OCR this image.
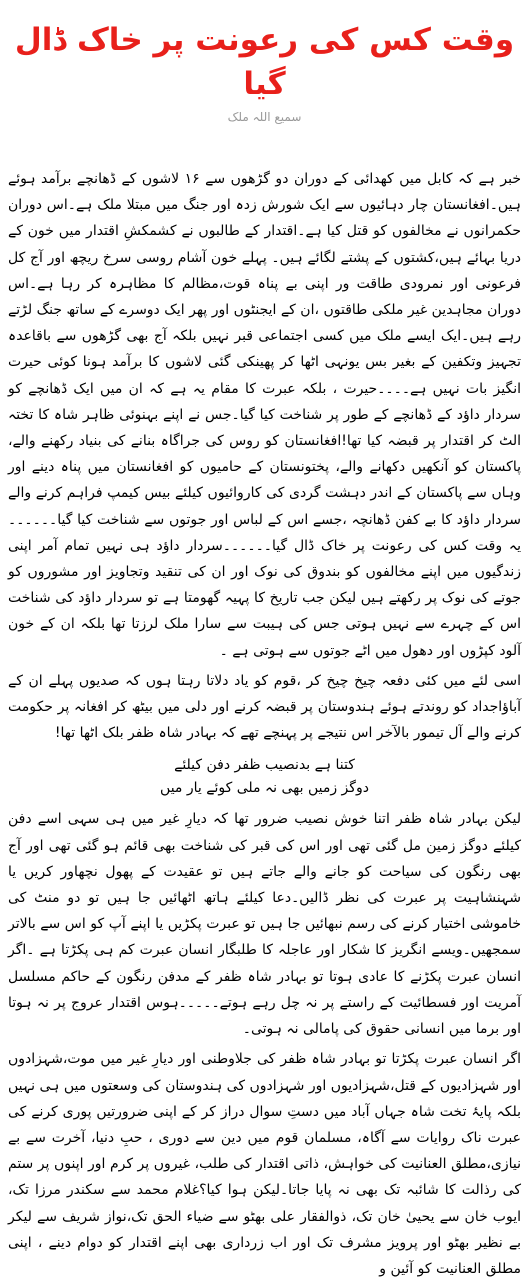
وقت کس کی رعونت پر خاک ڈال گیا
سمیع اللہ ملک

خبر ہے کہ کابل میں کھدائی کے دوران دو گڑھوں سے ۱۶ لاشوں کے ڈھانچے برآمد ہوئے ہیں۔افغانستان چار دہائیوں سے ایک شورش زدہ اور جنگ میں مبتلا ملک ہے۔اس دوران حکمرانوں نے مخالفوں کو قتل کیا ہے۔اقتدار کے طالبوں نے کشمکشِ اقتدار میں خون کے دریا بہائے ہیں،کشتوں کے پشتے لگائے ہیں۔ پہلے خون آشام روسی سرخ ریچھ اور آج کل فرعونی اور نمرودی طاقت ور اپنی بے پناہ قوت،مظالم کا مظاہرہ کر رہا ہے۔اس دوران مجاہدین غیر ملکی طاقتوں ،ان کے ایجنٹوں اور پھر ایک دوسرے کے ساتھ جنگ لڑتے رہے ہیں۔ایک ایسے ملک میں کسی اجتماعی قبر نہیں بلکہ آج بھی گڑھوں سے باقاعدہ تجہیز وتکفین کے بغیر بس یونہی اٹھا کر پھینکی گئی لاشوں کا برآمد ہونا کوئی حیرت انگیز بات نہیں ہے۔۔۔۔حیرت ، بلکہ عبرت کا مقام یہ ہے کہ ان میں ایک ڈھانچے کو سردار داؤد کے ڈھانچے کے طور پر شناخت کیا گیا۔جس نے اپنے بہنوئی ظاہر شاہ کا تختہ الٹ کر اقتدار پر قبضہ کیا تھا!افغانستان کو روس کی جراگاہ بنانے کی بنیاد رکھنے والے، پاکستان کو آنکھیں دکھانے والے، پختونستان کے حامیوں کو افغانستان میں پناہ دینے اور وہاں سے پاکستان کے اندر دہشت گردی کی کاروائیوں کیلئے بیس کیمپ فراہم کرنے والے سردار داؤد کا بے کفن ڈھانچہ ،جسے اس کے لباس اور جوتوں سے شناخت کیا گیا۔۔۔۔۔۔یہ وقت کس کی رعونت پر خاک ڈال گیا۔۔۔۔۔۔سردار داؤد ہی نہیں تمام آمر اپنی زندگیوں میں اپنے مخالفوں کو بندوق کی نوک اور ان کی تنقید وتجاویز اور مشوروں کو جوتے کی نوک پر رکھتے ہیں لیکن جب تاریخ کا پہیہ گھومتا ہے تو سردار داؤد کی شناخت اس کے چہرے سے نہیں ہوتی جس کی ہیبت سے سارا ملک لرزتا تھا بلکہ ان کے خون آلود کپڑوں اور دھول میں اٹے جوتوں سے ہوتی ہے ۔

اسی لئے میں کئی دفعہ چیخ چیخ کر ،قوم کو یاد دلاتا رہتا ہوں کہ صدیوں پہلے ان کے آباؤاجداد کو روندتے ہوئے ہندوستان پر قبضہ کرنے اور دلی میں بیٹھ کر افغانہ پر حکومت کرنے والے آل تیمور بالآخر اس نتیجے پر پہنچے تھے کہ بہادر شاہ ظفر بلک اٹھا تھا!

کتنا ہے بدنصیب ظفر دفن کیلئے
دوگز زمیں بھی نہ ملی کوئے یار میں

لیکن بہادر شاہ ظفر اتنا خوش نصیب ضرور تھا کہ دیارِ غیر میں ہی سہی اسے دفن کیلئے دوگز زمین مل گئی تھی اور اس کی قبر کی شناخت بھی قائم ہو گئی تھی اور آج بھی رنگون کی سیاحت کو جانے والے جاتے ہیں تو عقیدت کے پھول نچھاور کریں یا شہنشاہیت پر عبرت کی نظر ڈالیں۔دعا کیلئے ہاتھ اٹھائیں جا ہیں تو دو منٹ کی خاموشی اختیار کرنے کی رسم نبھائیں جا ہیں تو عبرت پکڑیں یا اپنے آپ کو اس سے بالاتر سمجھیں۔ویسے انگریز کا شکار اور عاجلہ کا طلبگار انسان عبرت کم ہی پکڑتا ہے ۔اگر انسان عبرت پکڑنے کا عادی ہوتا تو بہادر شاہ ظفر کے مدفن رنگون کے حاکم مسلسل آمریت اور فسطائیت کے راستے پر نہ چل رہے ہوتے۔۔۔۔۔ہوس اقتدار عروج پر نہ ہوتا اور برما میں انسانی حقوق کی پامالی نہ ہوتی۔

اگر انسان عبرت پکڑتا تو بہادر شاہ ظفر کی جلاوطنی اور دیارِ غیر میں موت،شہزادوں اور شہزادیوں کے قتل،شہزادیوں اور شہزادوں کی ہندوستان کی وسعتوں میں ہی نہیں بلکہ پایۂ تخت شاہ جہاں آباد میں دستِ سوال دراز کر کے اپنی ضرورتیں پوری کرنے کی عبرت ناک روایات سے آگاہ، مسلمان قوم میں دین سے دوری ، حبِ دنیا، آخرت سے بے نیازی،مطلق العنانیت کی خواہش، ذاتی اقتدار کی طلب، غیروں پر کرم اور اپنوں پر ستم کی رذالت کا شائبہ تک بھی نہ پایا جاتا۔لیکن ہوا کیا؟غلام محمد سے سکندر مرزا تک، ایوب خان سے یحییٰ خان تک، ذوالفقار علی بھٹو سے ضیاء الحق تک،نواز شریف سے لیکر بے نظیر بھٹو اور پرویز مشرف تک اور اب زرداری بھی اپنے اقتدار کو دوام دینے ، اپنی مطلق العنانیت کو آئین و
